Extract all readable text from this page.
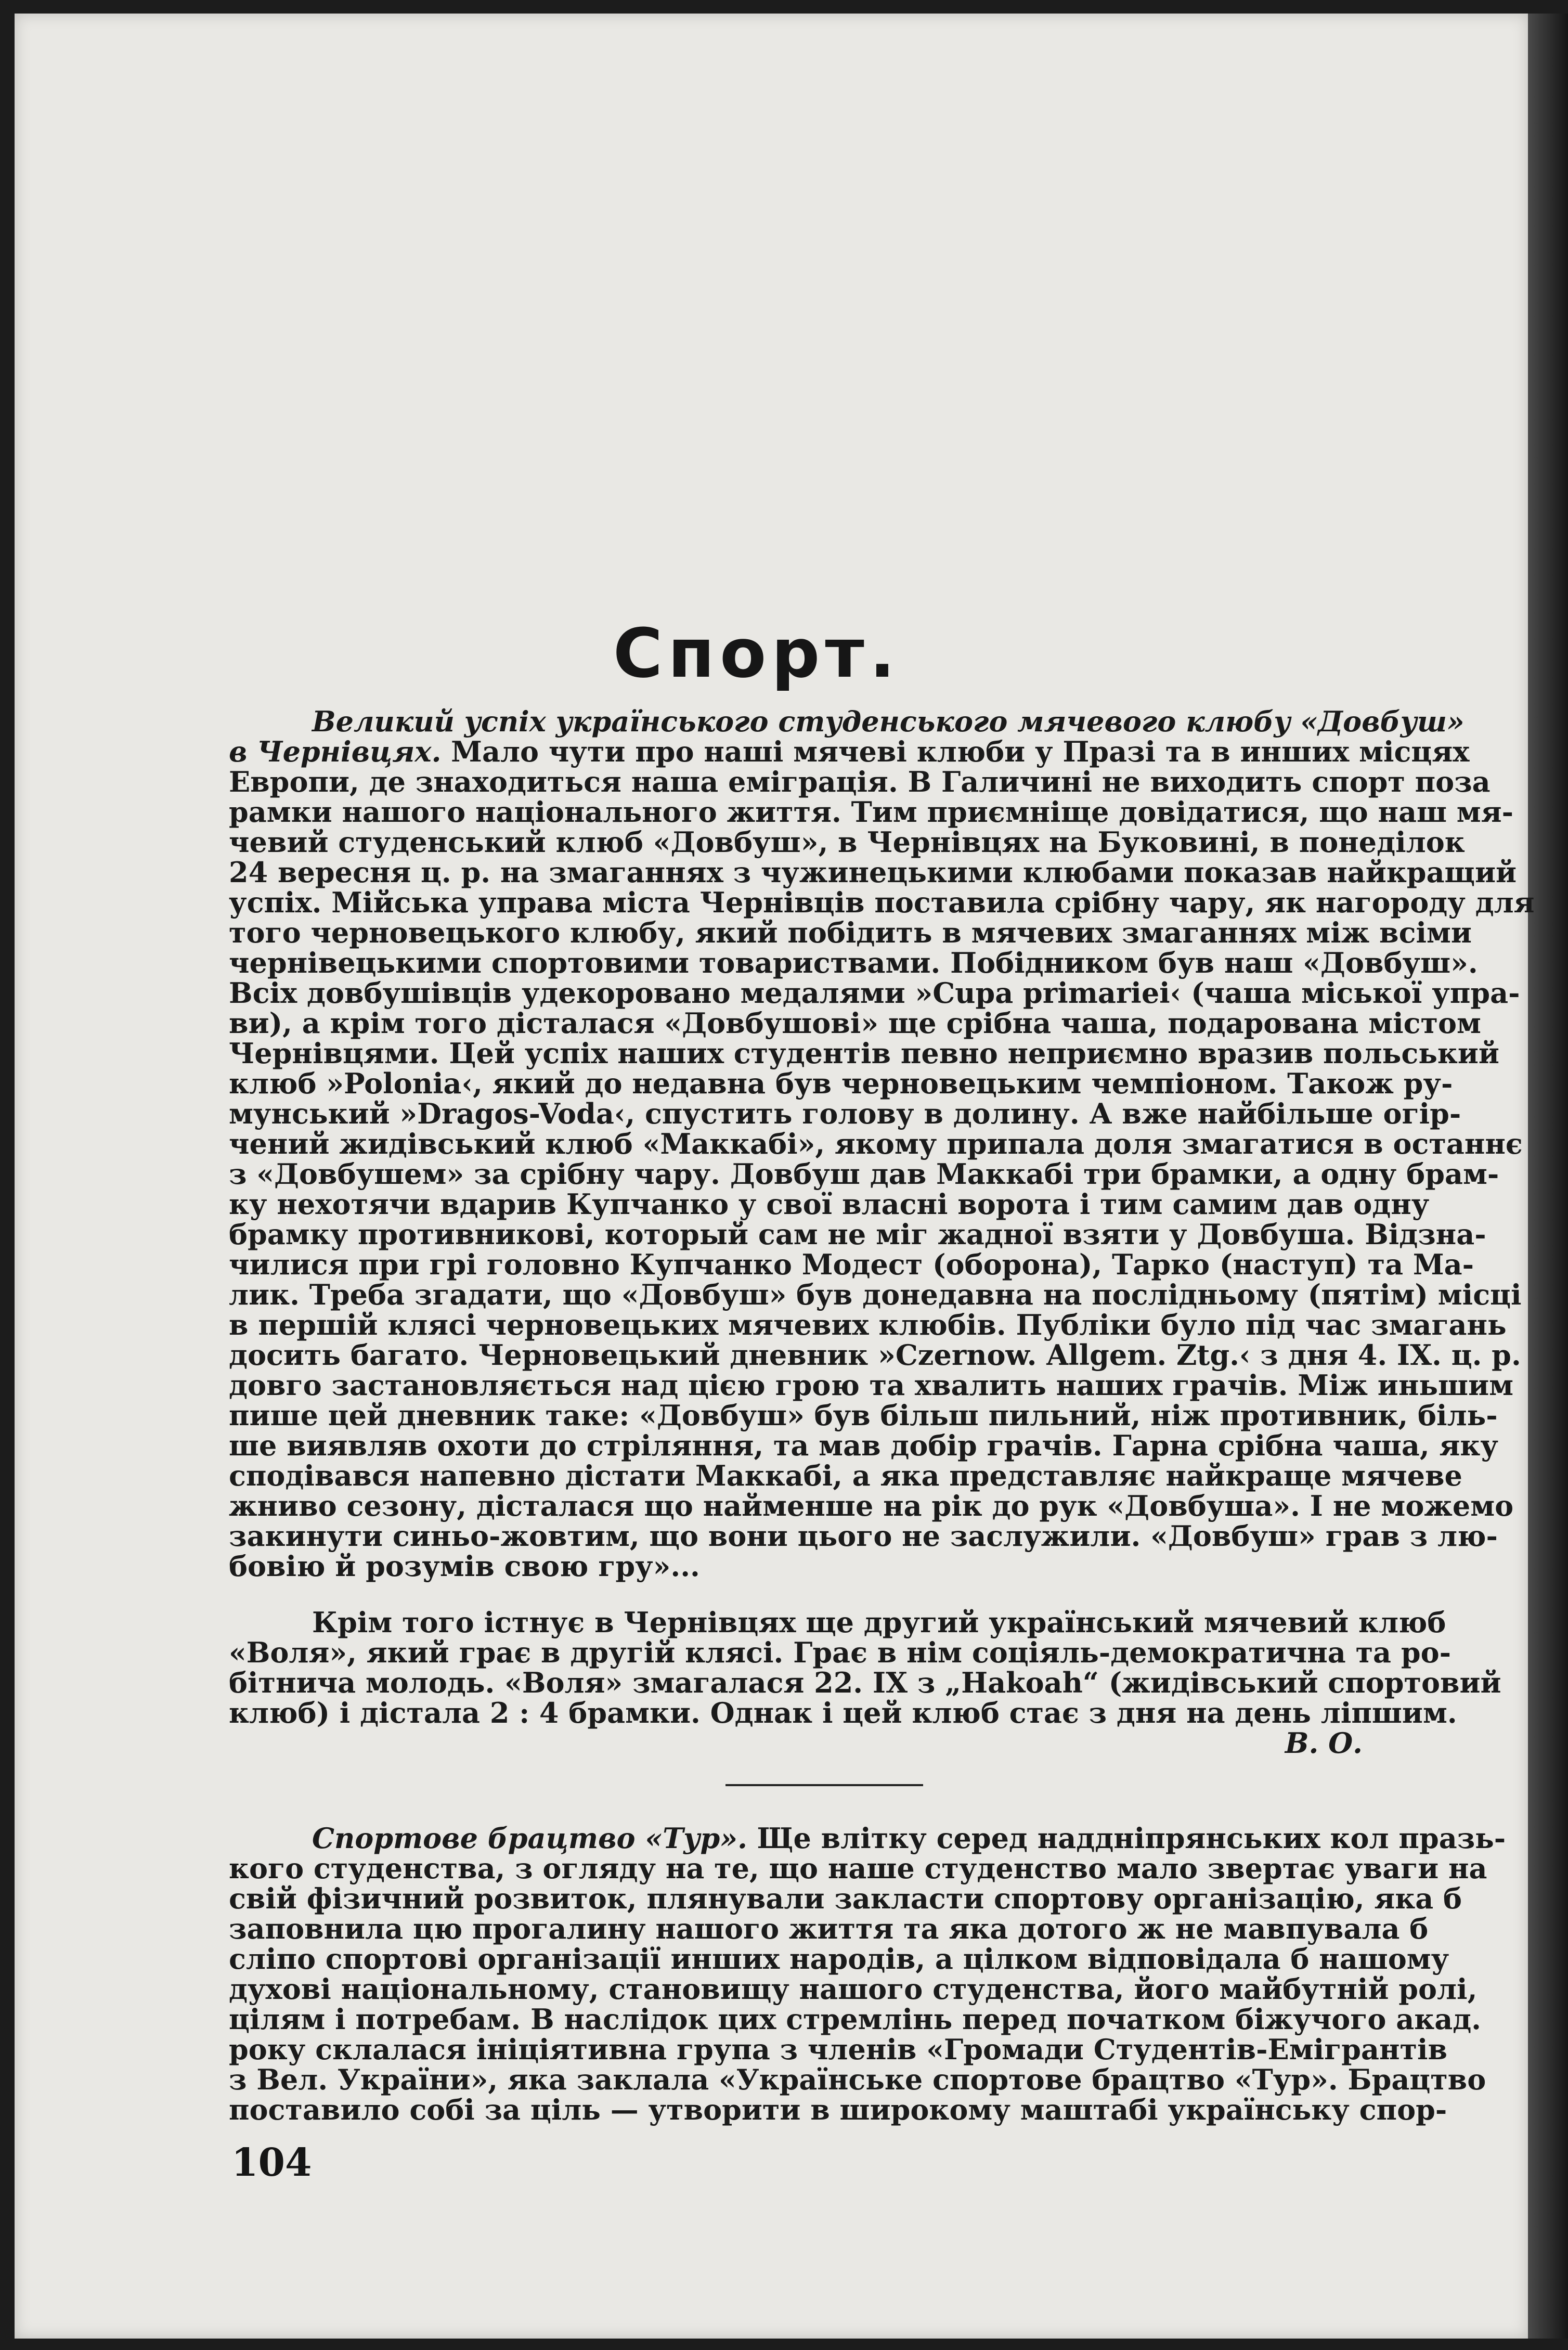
Спорт.
Великий успіх українського студенського мячевого клюбу «Довбуш»
в Чернівцях. Мало чути про наші мячеві клюби у Празі та в инших місцях
Европи, де знаходиться наша еміграція. В Галичині не виходить спорт поза
рамки нашого національного життя. Тим приємніще довідатися, що наш мя-
чевий студенський клюб «Довбуш», в Чернівцях на Буковині, в понеділок
24 вересня ц. р. на змаганнях з чужинецькими клюбами показав найкращий
успіх. Мійська управа міста Чернівців поставила срібну чару, як нагороду для
того черновецького клюбу, який побідить в мячевих змаганнях між всіми
чернівецькими спортовими товариствами. Побідником був наш «Довбуш».
Всіх довбушівців удекоровано медалями »Cupa primariei‹ (чаша міської упра-
ви), а крім того дісталася «Довбушові» ще срібна чаша, подарована містом
Чернівцями. Цей успіх наших студентів певно неприємно вразив польський
клюб »Polonia‹, який до недавна був черновецьким чемпіоном. Також ру-
мунський »Dragos-Voda‹, спустить голову в долину. А вже найбільше огір-
чений жидівський клюб «Маккабі», якому припала доля змагатися в останнє
з «Довбушем» за срібну чару. Довбуш дав Маккабі три брамки, а одну брам-
ку нехотячи вдарив Купчанко у свої власні ворота і тим самим дав одну
брамку противникові, который сам не міг жадної взяти у Довбуша. Відзна-
чилися при грі головно Купчанко Модест (оборона), Тарко (наступ) та Ма-
лик. Треба згадати, що «Довбуш» був донедавна на послідньому (пятім) місці
в першій клясі черновецьких мячевих клюбів. Публіки було під час змагань
досить багато. Черновецький дневник »Czernow. Allgem. Ztg.‹ з дня 4. IX. ц. р.
довго застановляється над цією грою та хвалить наших грачів. Між иньшим
пише цей дневник таке: «Довбуш» був більш пильний, ніж противник, біль-
ше виявляв охоти до стріляння, та мав добір грачів. Гарна срібна чаша, яку
сподівався напевно дістати Маккабі, а яка представляє найкраще мячеве
жниво сезону, дісталася що найменше на рік до рук «Довбуша». І не можемо
закинути синьо-жовтим, що вони цього не заслужили. «Довбуш» грав з лю-
бовію й розумів свою гру»...
Крім того істнує в Чернівцях ще другий український мячевий клюб
«Воля», який грає в другій клясі. Грає в нім соціяль-демократична та ро-
бітнича молодь. «Воля» змагалася 22. IX з „Hakoah“ (жидівський спортовий
клюб) і дістала 2 : 4 брамки. Однак і цей клюб стає з дня на день ліпшим.
В. О.
Спортове брацтво «Тур». Ще влітку серед наддніпрянських кол празь-
кого студенства, з огляду на те, що наше студенство мало звертає уваги на
свій фізичний розвиток, плянували закласти спортову організацію, яка б
заповнила цю прогалину нашого життя та яка дотого ж не мавпувала б
сліпо спортові організації инших народів, а цілком відповідала б нашому
духові національному, становищу нашого студенства, його майбутній ролі,
цілям і потребам. В наслідок цих стремлінь перед початком біжучого акад.
року склалася ініціятивна група з членів «Громади Студентів-Емігрантів
з Вел. України», яка заклала «Українське спортове брацтво «Тур». Брацтво
поставило собі за ціль — утворити в широкому маштабі українську спор-
104
